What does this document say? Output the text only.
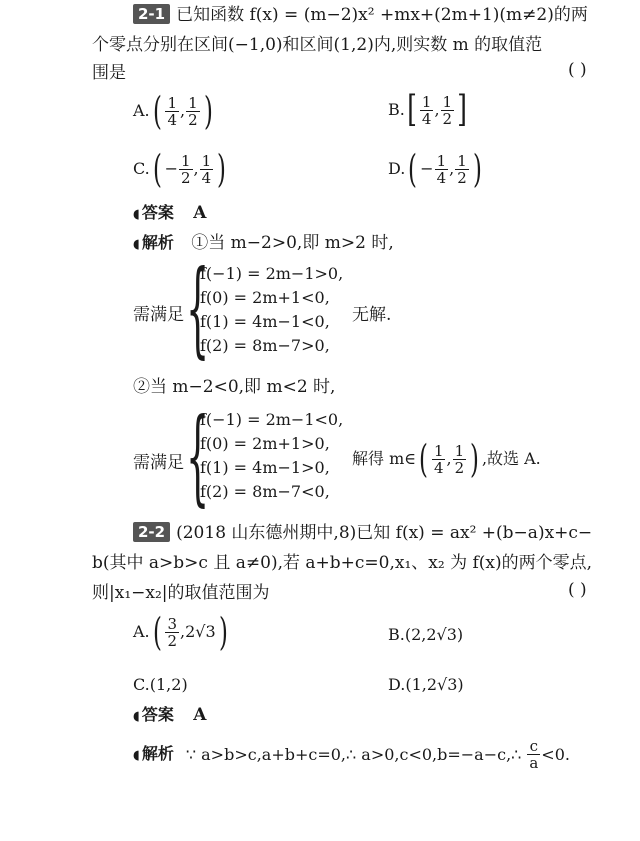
2-1 已知函数 f(x) = (m−2)x² +mx+(2m+1)(m≠2)的两
个零点分别在区间(−1,0)和区间(1,2)内,则实数 m 的取值范
围是	( )
A. ( $\frac{1}{4}$ , $\frac{1}{2}$ )	B. [ $\frac{1}{4}$ , $\frac{1}{2}$ ]
C. ( − $\frac{1}{2}$ , $\frac{1}{4}$ )	D. ( − $\frac{1}{4}$ , $\frac{1}{2}$ )
◖ 答案 A
◖ 解析 ①当 m−2>0,即 m>2 时,
需满足 {
f(−1) = 2m−1>0,
f(0) = 2m+1<0,
f(1) = 4m−1<0,
f(2) = 8m−7>0,
无解.
②当 m−2<0,即 m<2 时,
需满足 {
f(−1) = 2m−1<0,
f(0) = 2m+1>0,
f(1) = 4m−1>0,
f(2) = 8m−7<0,
解得 m∈ ( $\frac{1}{4}$ , $\frac{1}{2}$ ) ,故选 A.
2-2 (2018 山东德州期中,8)已知 f(x) = ax² +(b−a)x+c−
b(其中 a>b>c 且 a≠0),若 a+b+c=0,x₁、x₂ 为 f(x)的两个零点,
则|x₁−x₂|的取值范围为	( )
A. ( $\frac{3}{2} ,2√3$ )	B.(2,2√3)
C.(1,2)	D.(1,2√3)
◖ 答案 A
◖ 解析 ∵ a>b>c,a+b+c=0,∴ a>0,c<0,b=−a−c,∴ $\frac{c}{a} <0$.
